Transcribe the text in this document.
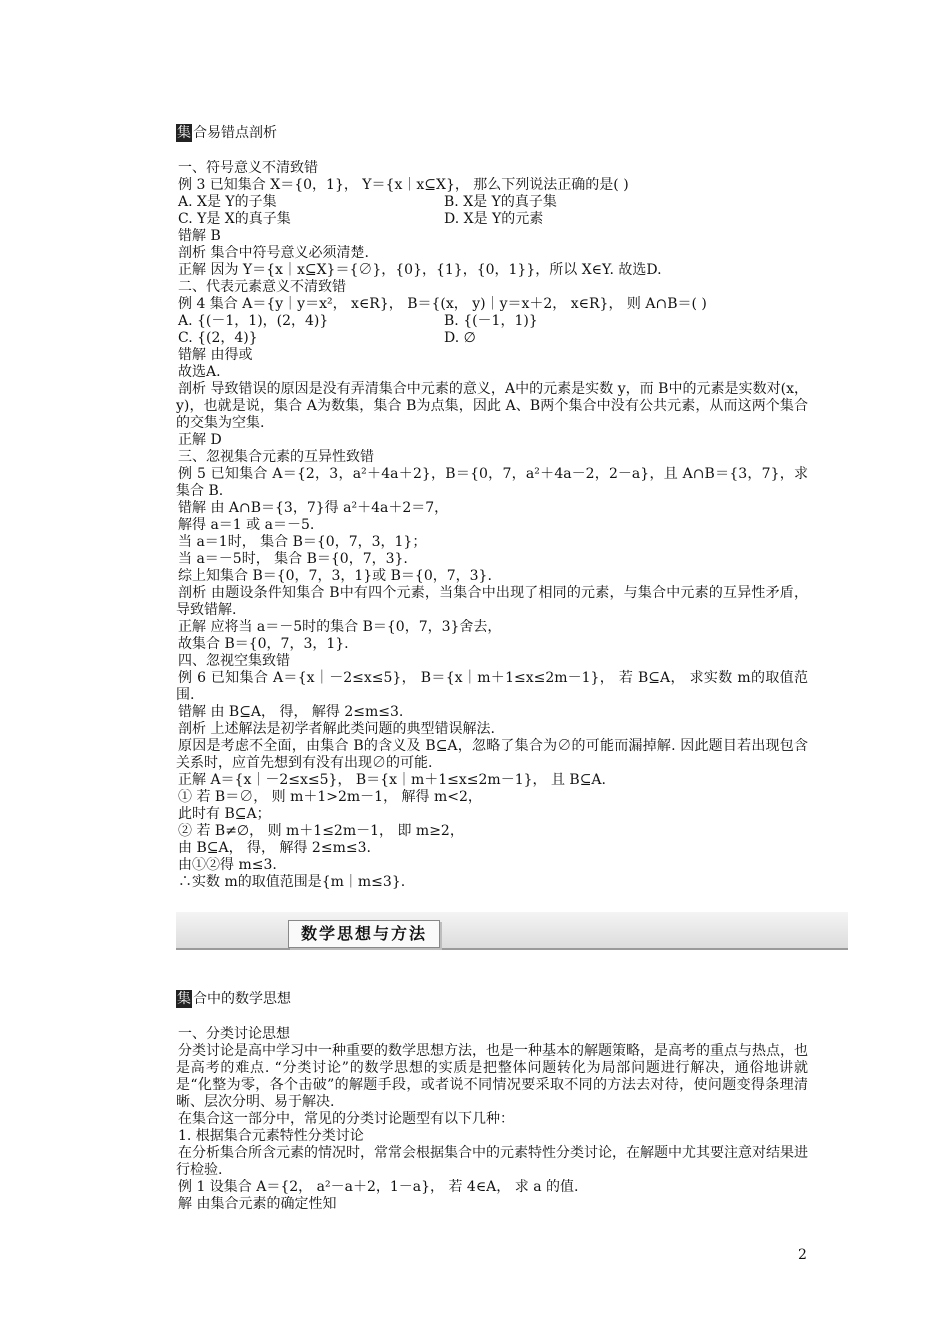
集 合易错点剖析
一、符号意义不清致错
例 3 已知集合 X＝{0，1}， Y＝{x｜x⊆X}， 那么下列说法正确的是( )
A. X是 Y的子集	B. X是 Y的真子集
C. Y是 X的真子集	D. X是 Y的元素
错解 B
剖析 集合中符号意义必须清楚.
正解 因为 Y＝{x｜x⊆X}＝{∅}，{0}，{1}，{0，1}}，所以 X∈Y. 故选D.
二、代表元素意义不清致错
例 4 集合 A＝{y｜y＝x²， x∈R}， B＝{(x， y)｜y＝x＋2， x∈R}， 则 A∩B＝( )
A. {(－1，1)，(2，4)}	B. {(－1，1)}
C. {(2，4)}	D. ∅
错解 由得或
故选A.
剖析 导致错误的原因是没有弄清集合中元素的意义，A中的元素是实数 y，而 B中的元素是实数对(x，y)，也就是说，集合 A为数集，集合 B为点集，因此 A、B两个集合中没有公共元素，从而这两个集合的交集为空集.
正解 D
三、忽视集合元素的互异性致错
例 5 已知集合 A＝{2，3，a²＋4a＋2}，B＝{0，7，a²＋4a－2，2－a}，且 A∩B＝{3，7}，求集合 B.
错解 由 A∩B＝{3，7}得 a²＋4a＋2＝7，
解得 a＝1 或 a＝－5.
当 a＝1时， 集合 B＝{0，7，3，1}；
当 a＝－5时， 集合 B＝{0，7，3}.
综上知集合 B＝{0，7，3，1}或 B＝{0，7，3}.
剖析 由题设条件知集合 B中有四个元素，当集合中出现了相同的元素，与集合中元素的互异性矛盾，导致错解.
正解 应将当 a＝－5时的集合 B＝{0，7，3}舍去，
故集合 B＝{0，7，3，1}.
四、忽视空集致错
例 6 已知集合 A＝{x｜－2≤x≤5}， B＝{x｜m＋1≤x≤2m－1}， 若 B⊆A， 求实数 m的取值范围.
错解 由 B⊆A， 得， 解得 2≤m≤3.
剖析 上述解法是初学者解此类问题的典型错误解法.
原因是考虑不全面，由集合 B的含义及 B⊆A，忽略了集合为∅的可能而漏掉解. 因此题目若出现包含关系时，应首先想到有没有出现∅的可能.
正解 A＝{x｜－2≤x≤5}， B＝{x｜m＋1≤x≤2m－1}， 且 B⊆A.
① 若 B＝∅， 则 m＋1>2m－1， 解得 m<2，
此时有 B⊆A；
② 若 B≠∅， 则 m＋1≤2m－1， 即 m≥2，
由 B⊆A， 得， 解得 2≤m≤3.
由①②得 m≤3.
∴实数 m的取值范围是{m｜m≤3}.
数学思想与方法
集 合中的数学思想
一、分类讨论思想
分类讨论是高中学习中一种重要的数学思想方法，也是一种基本的解题策略，是高考的重点与热点，也是高考的难点. “分类讨论”的数学思想的实质是把整体问题转化为局部问题进行解决，通俗地讲就是“化整为零，各个击破”的解题手段，或者说不同情况要采取不同的方法去对待，使问题变得条理清晰、层次分明、易于解决.
在集合这一部分中，常见的分类讨论题型有以下几种：
1. 根据集合元素特性分类讨论
在分析集合所含元素的情况时，常常会根据集合中的元素特性分类讨论，在解题中尤其要注意对结果进行检验.
例 1 设集合 A＝{2， a²－a＋2，1－a}， 若 4∈A， 求 a 的值.
解 由集合元素的确定性知
2
